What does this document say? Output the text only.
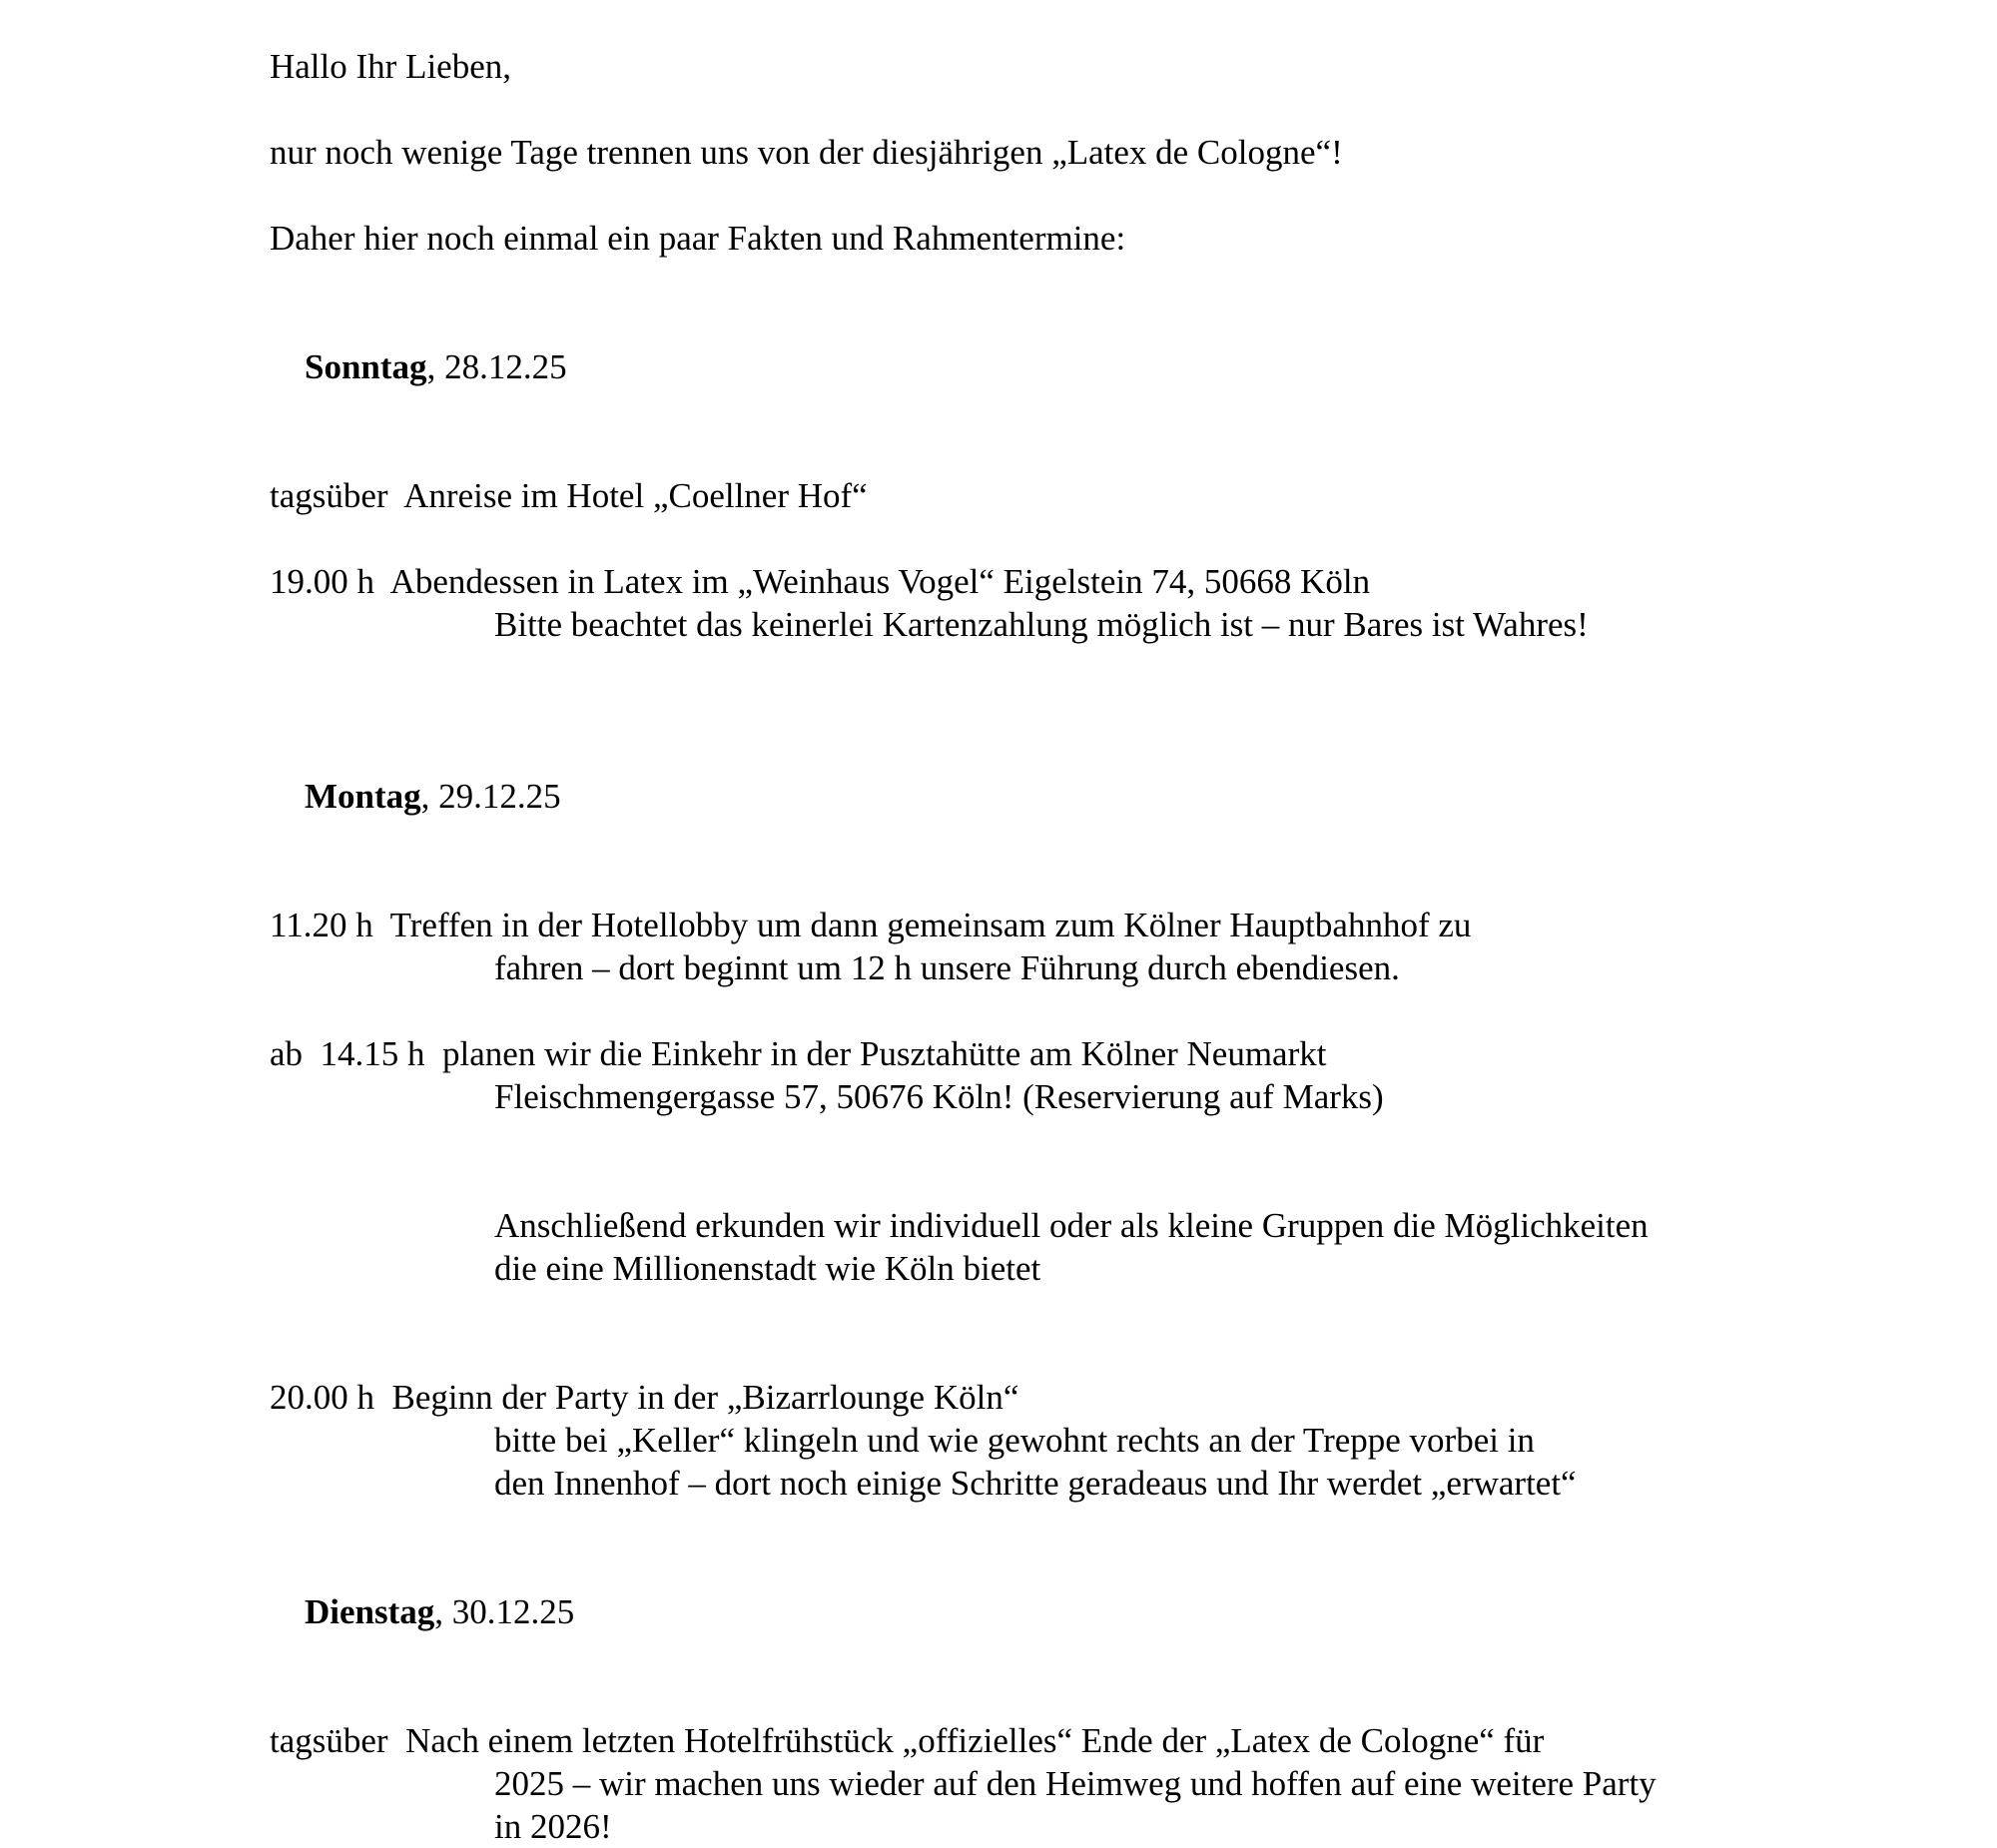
Hallo Ihr Lieben,
nur noch wenige Tage trennen uns von der diesjährigen „Latex de Cologne“!
Daher hier noch einmal ein paar Fakten und Rahmentermine:

Sonntag, 28.12.25

tagsüber  Anreise im Hotel „Coellner Hof“
19.00 h  Abendessen in Latex im „Weinhaus Vogel“ Eigelstein 74, 50668 Köln
Bitte beachtet das keinerlei Kartenzahlung möglich ist – nur Bares ist Wahres!

Montag, 29.12.25

11.20 h  Treffen in der Hotellobby um dann gemeinsam zum Kölner Hauptbahnhof zu
fahren – dort beginnt um 12 h unsere Führung durch ebendiesen.
ab  14.15 h  planen wir die Einkehr in der Pusztahütte am Kölner Neumarkt
Fleischmengergasse 57, 50676 Köln! (Reservierung auf Marks)
Anschließend erkunden wir individuell oder als kleine Gruppen die Möglichkeiten
die eine Millionenstadt wie Köln bietet
20.00 h  Beginn der Party in der „Bizarrlounge Köln“
bitte bei „Keller“ klingeln und wie gewohnt rechts an der Treppe vorbei in
den Innenhof – dort noch einige Schritte geradeaus und Ihr werdet „erwartet“

Dienstag, 30.12.25

tagsüber  Nach einem letzten Hotelfrühstück „offizielles“ Ende der „Latex de Cologne“ für
2025 – wir machen uns wieder auf den Heimweg und hoffen auf eine weitere Party
in 2026!
